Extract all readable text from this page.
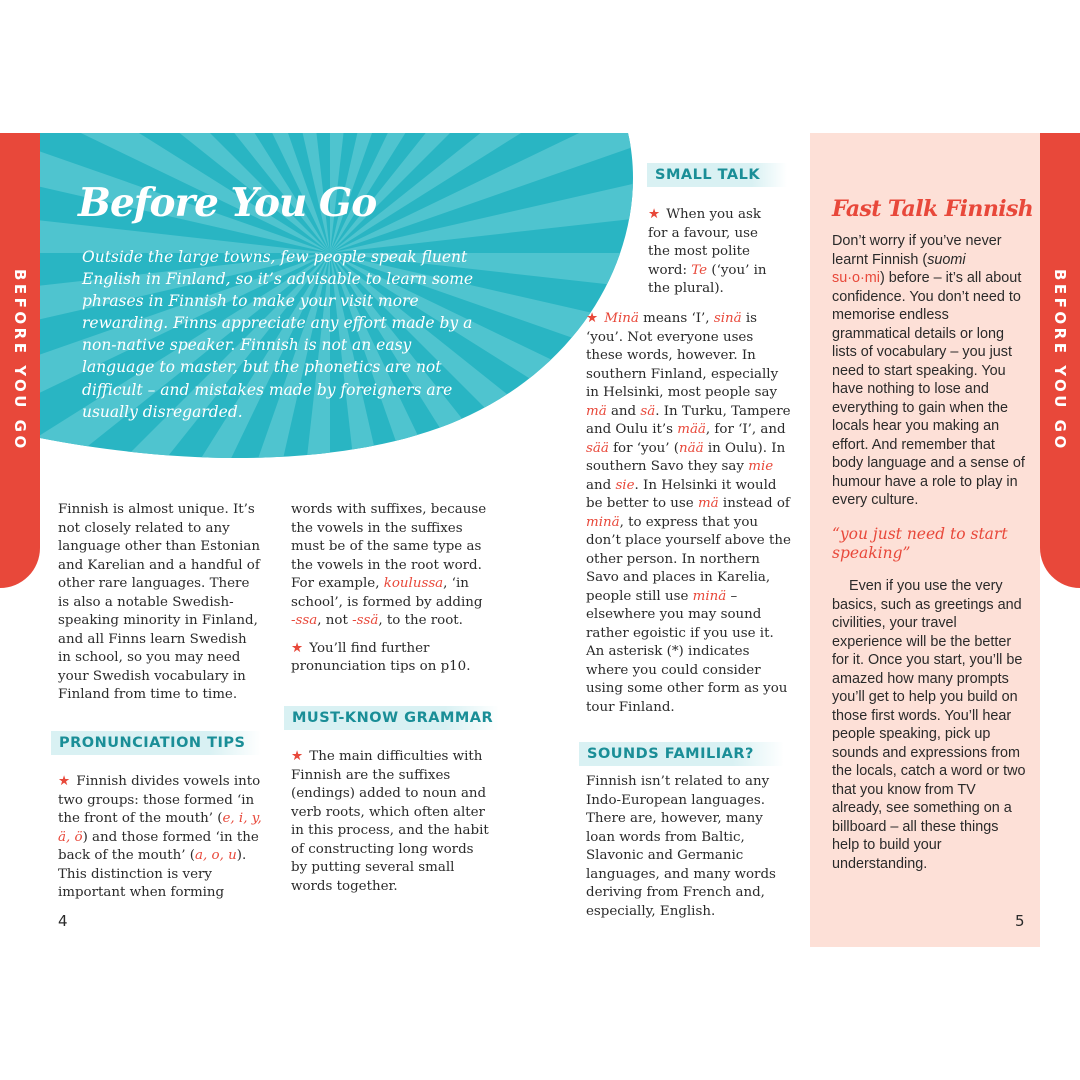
BEFORE YOU GO
Before You Go
Outside the large towns, few people speak fluent English in Finland, so it’s advisable to learn some phrases in Finnish to make your visit more rewarding. Finns appreciate any effort made by a non-native speaker. Finnish is not an easy language to master, but the phonetics are not difficult – and mistakes made by foreigners are usually disregarded.

Finnish is almost unique. It’s not closely related to any language other than Estonian and Karelian and a handful of other rare languages. There is also a notable Swedish-speaking minority in Finland, and all Finns learn Swedish in school, so you may need your Swedish vocabulary in Finland from time to time.

PRONUNCIATION TIPS

★ Finnish divides vowels into two groups: those formed ‘in the front of the mouth’ (e, i, y, ä, ö) and those formed ‘in the back of the mouth’ (a, o, u). This distinction is very important when forming

4

words with suffixes, because the vowels in the suffixes must be of the same type as the vowels in the root word. For example, koulussa, ‘in school’, is formed by adding -ssa, not -ssä, to the root.

★ You’ll find further pronunciation tips on p10.

MUST-KNOW GRAMMAR

★ The main difficulties with Finnish are the suffixes (endings) added to noun and verb roots, which often alter in this process, and the habit of constructing long words by putting several small words together.

SMALL TALK

★ When you ask for a favour, use the most polite word: Te (‘you’ in the plural).

★ Minä means ‘I’, sinä is ‘you’. Not everyone uses these words, however. In southern Finland, especially in Helsinki, most people say mä and sä. In Turku, Tampere and Oulu it’s mää, for ‘I’, and sää for ‘you’ (nää in Oulu). In southern Savo they say mie and sie. In Helsinki it would be better to use mä instead of minä, to express that you don’t place yourself above the other person. In northern Savo and places in Karelia, people still use minä – elsewhere you may sound rather egoistic if you use it. An asterisk (*) indicates where you could consider using some other form as you tour Finland.

SOUNDS FAMILIAR?

Finnish isn’t related to any Indo-European languages. There are, however, many loan words from Baltic, Slavonic and Germanic languages, and many words deriving from French and, especially, English.

Fast Talk Finnish
Don’t worry if you’ve never learnt Finnish (suomi
su·o·mi) before – it’s all about confidence. You don’t need to memorise endless grammatical details or long lists of vocabulary – you just need to start speaking. You have nothing to lose and everything to gain when the locals hear you making an effort. And remember that body language and a sense of humour have a role to play in every culture.
“you just need to start speaking”
Even if you use the very basics, such as greetings and civilities, your travel experience will be the better for it. Once you start, you’ll be amazed how many prompts you’ll get to help you build on those first words. You’ll hear people speaking, pick up sounds and expressions from the locals, catch a word or two that you know from TV already, see something on a billboard – all these things help to build your understanding.
5
BEFORE YOU GO
